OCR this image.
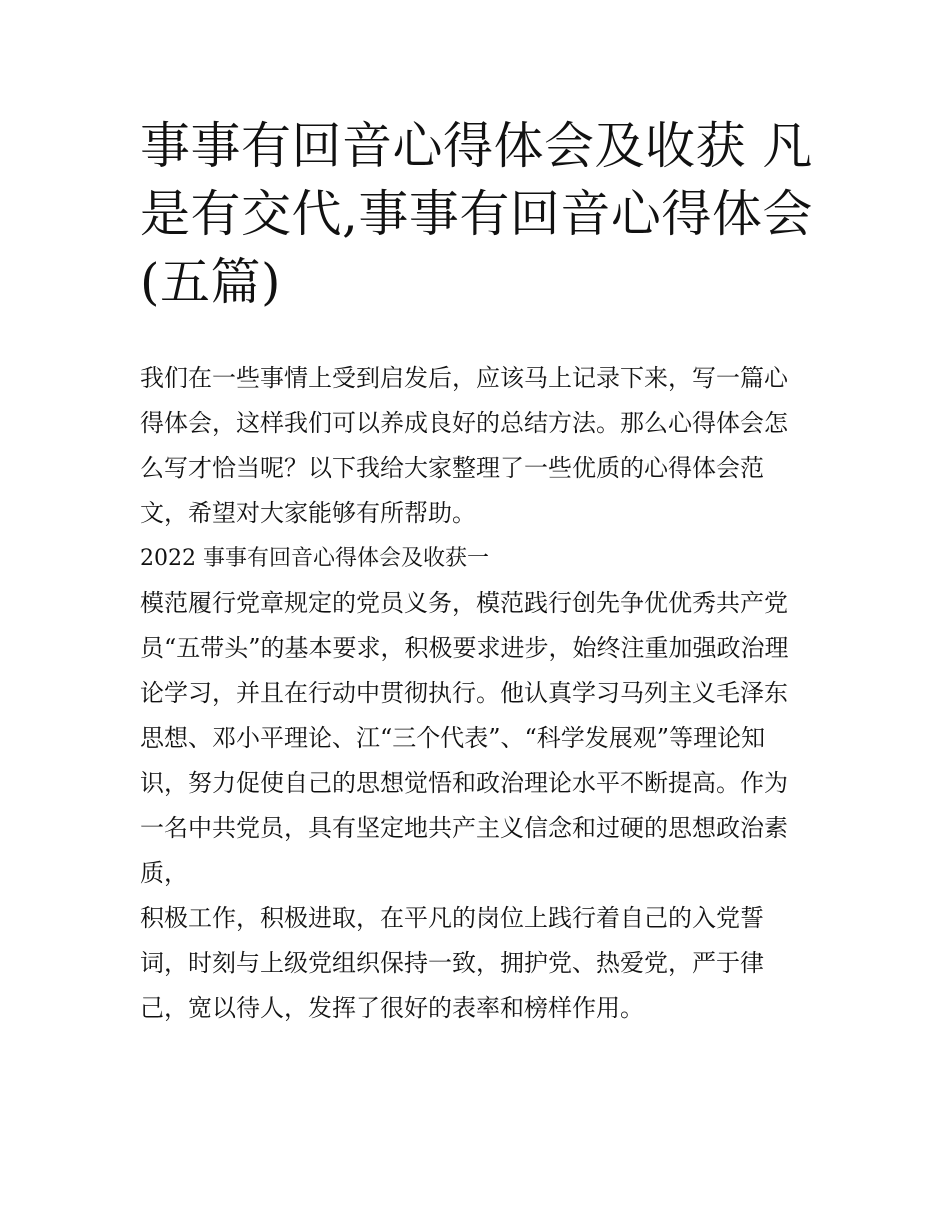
事事有回音心得体会及收获 凡
是有交代,事事有回音心得体会
(五篇)
我们在一些事情上受到启发后，应该马上记录下来，写一篇心
得体会，这样我们可以养成良好的总结方法。那么心得体会怎
么写才恰当呢？以下我给大家整理了一些优质的心得体会范
文，希望对大家能够有所帮助。
2022 事事有回音心得体会及收获一
模范履行党章规定的党员义务，模范践行创先争优优秀共产党
员“五带头”的基本要求，积极要求进步，始终注重加强政治理
论学习，并且在行动中贯彻执行。他认真学习马列主义毛泽东
思想、邓小平理论、江“三个代表”、“科学发展观”等理论知
识，努力促使自己的思想觉悟和政治理论水平不断提高。作为
一名中共党员，具有坚定地共产主义信念和过硬的思想政治素
质，
积极工作，积极进取，在平凡的岗位上践行着自己的入党誓
词，时刻与上级党组织保持一致，拥护党、热爱党，严于律
己，宽以待人，发挥了很好的表率和榜样作用。
